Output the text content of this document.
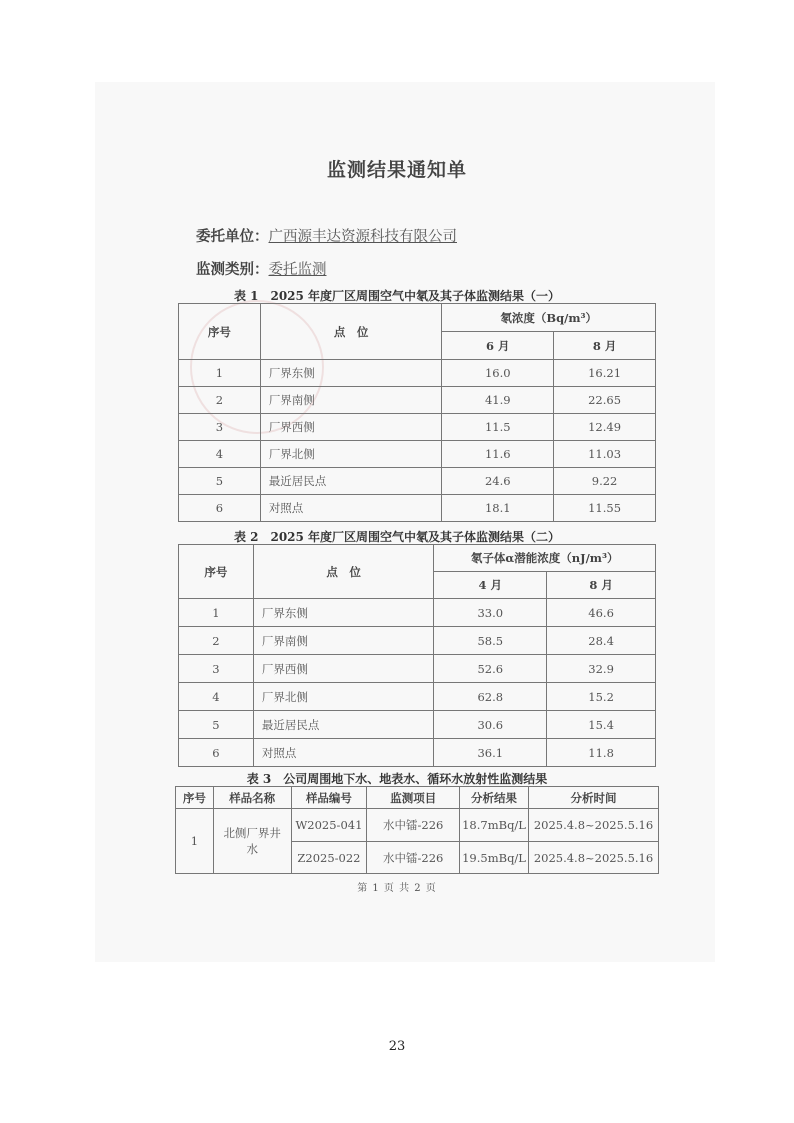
监测结果通知单
委托单位：广西源丰达资源科技有限公司
监测类别：委托监测
表 1　2025 年度厂区周围空气中氡及其子体监测结果（一）
序号	点　位	氡浓度（Bq/m³）	
		6 月	8 月
1	厂界东侧	16.0	16.21
2	厂界南侧	41.9	22.65
3	厂界西侧	11.5	12.49
4	厂界北侧	11.6	11.03
5	最近居民点	24.6	9.22
6	对照点	18.1	11.55
表 2　2025 年度厂区周围空气中氡及其子体监测结果（二）
序号	点　位	氡子体α潜能浓度（nJ/m³）	
		4 月	8 月
1	厂界东侧	33.0	46.6
2	厂界南侧	58.5	28.4
3	厂界西侧	52.6	32.9
4	厂界北侧	62.8	15.2
5	最近居民点	30.6	15.4
6	对照点	36.1	11.8
表 3　公司周围地下水、地表水、循环水放射性监测结果
序号	样品名称	样品编号	监测项目	分析结果	分析时间
1	北侧厂界井水	W2025-041	水中镭-226	18.7mBq/L	2025.4.8~2025.5.16
		Z2025-022	水中镭-226	19.5mBq/L	2025.4.8~2025.5.16
第 1 页 共 2 页
23
